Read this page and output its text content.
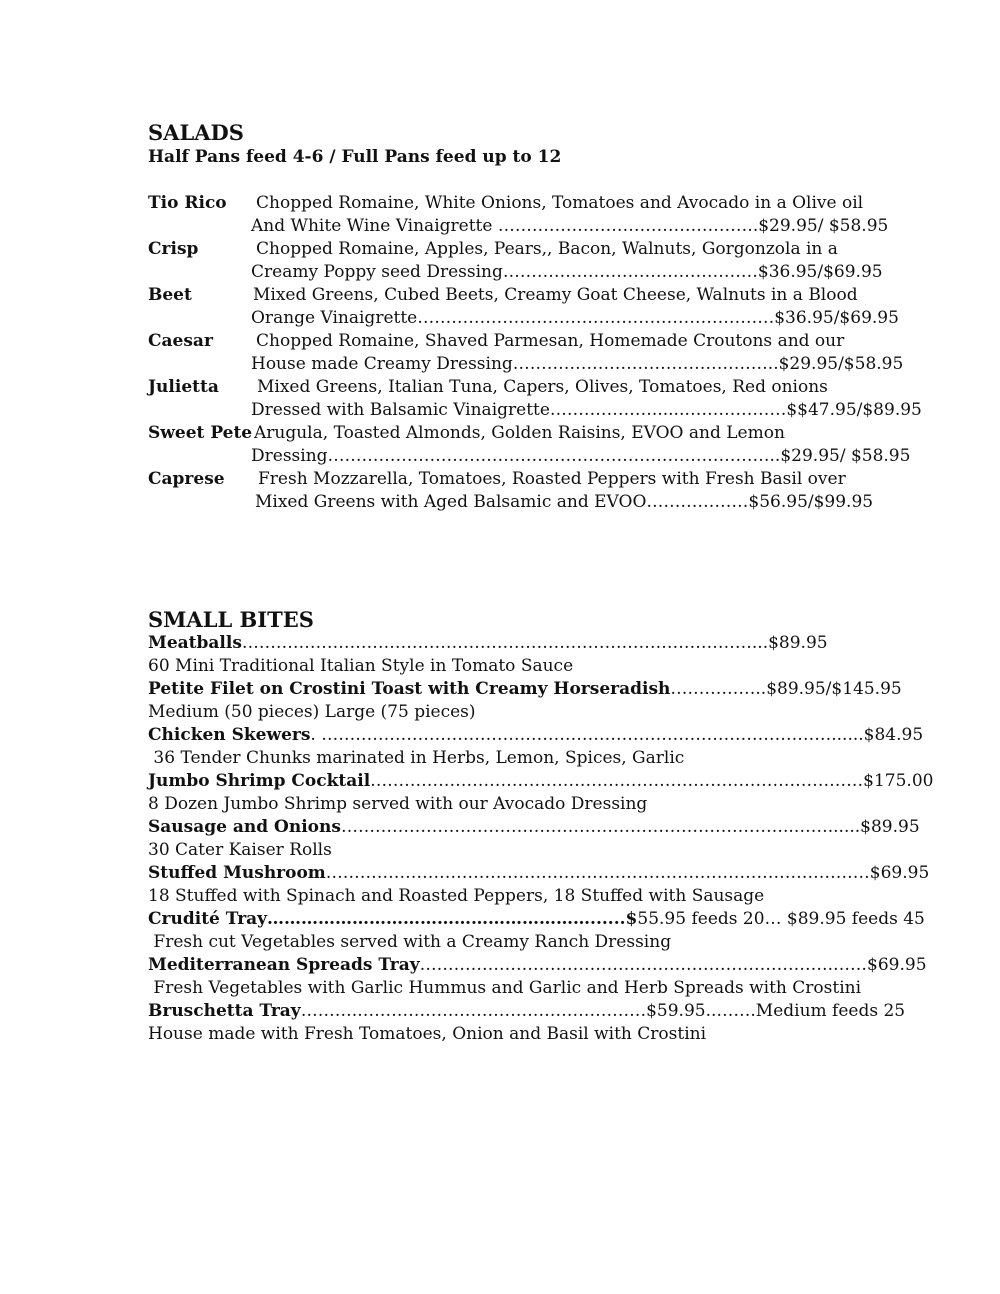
SALADS
Half Pans feed 4-6 / Full Pans feed up to 12
Tio Rico Chopped Romaine, White Onions, Tomatoes and Avocado in a Olive oil
And White Wine Vinaigrette ……………………………………….$29.95/ $58.95
Crisp	Chopped Romaine, Apples, Pears,, Bacon, Walnuts, Gorgonzola in a
Creamy Poppy seed Dressing………………………………………$36.95/$69.95
Beet	Mixed Greens, Cubed Beets, Creamy Goat Cheese, Walnuts in a Blood
Orange Vinaigrette………………………………………………………$36.95/$69.95
Caesar	Chopped Romaine, Shaved Parmesan, Homemade Croutons and our
House made Creamy Dressing………………………………………..$29.95/$58.95
Julietta Mixed Greens, Italian Tuna, Capers, Olives, Tomatoes, Red onions
Dressed with Balsamic Vinaigrette………………......………………$$47.95/$89.95
Sweet Pete Arugula, Toasted Almonds, Golden Raisins, EVOO and Lemon
Dressing……………………………………………………………………..$29.95/ $58.95
Caprese Fresh Mozzarella, Tomatoes, Roasted Peppers with Fresh Basil over
Mixed Greens with Aged Balsamic and EVOO………………$56.95/$99.95
SMALL BITES
Meatballs………………………………………………………………………………...$89.95
60 Mini Traditional Italian Style in Tomato Sauce
Petite Filet on Crostini Toast with Creamy Horseradish……………..$89.95/$145.95
Medium (50 pieces) Large (75 pieces)
Chicken Skewers. ………………………………………………………………………………......$84.95
36 Tender Chunks marinated in Herbs, Lemon, Spices, Garlic
Jumbo Shrimp Cocktail……………………………………………………………………………$175.00
8 Dozen Jumbo Shrimp served with our Avocado Dressing
Sausage and Onions……………………………………………………………………..……......$89.95
30 Cater Kaiser Rolls
Stuffed Mushroom……………………………………………………………………………………$69.95
18 Stuffed with Spinach and Roasted Peppers, 18 Stuffed with Sausage
Crudité Tray…………………………………………………......$55.95 feeds 20… $89.95 feeds 45
Fresh cut Vegetables served with a Creamy Ranch Dressing
Mediterranean Spreads Tray……………………………………………………………….……$69.95
Fresh Vegetables with Garlic Hummus and Garlic and Herb Spreads with Crostini
Bruschetta Tray……….……………………………………………$59.95..…….Medium feeds 25
House made with Fresh Tomatoes, Onion and Basil with Crostini
